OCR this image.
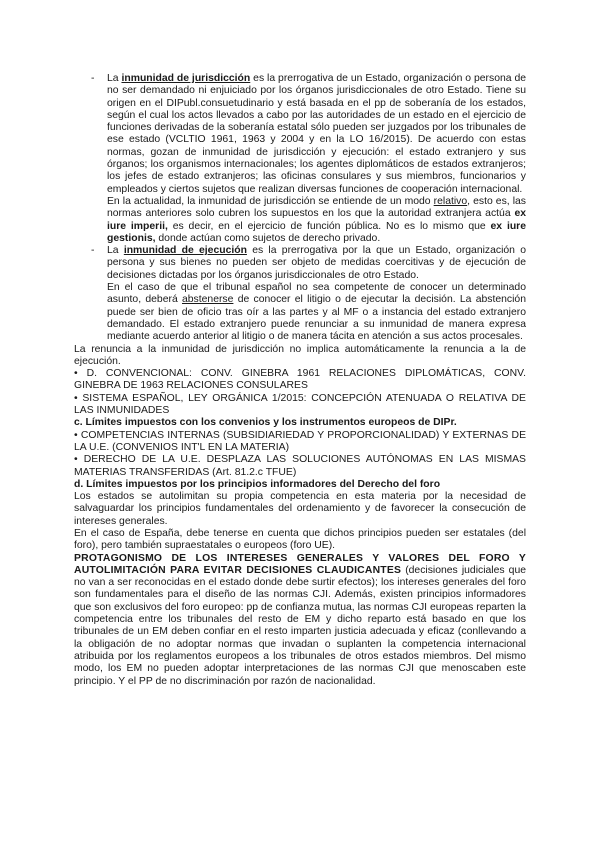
- La inmunidad de jurisdicción es la prerrogativa de un Estado, organización o persona de no ser demandado ni enjuiciado por los órganos jurisdiccionales de otro Estado. Tiene su origen en el DIPubl.consuetudinario y está basada en el pp de soberanía de los estados, según el cual los actos llevados a cabo por las autoridades de un estado en el ejercicio de funciones derivadas de la soberanía estatal sólo pueden ser juzgados por los tribunales de ese estado (VCLTIO 1961, 1963 y 2004 y en la LO 16/2015). De acuerdo con estas normas, gozan de inmunidad de jurisdicción y ejecución: el estado extranjero y sus órganos; los organismos internacionales; los agentes diplomáticos de estados extranjeros; los jefes de estado extranjeros; las oficinas consulares y sus miembros, funcionarios y empleados y ciertos sujetos que realizan diversas funciones de cooperación internacional.

En la actualidad, la inmunidad de jurisdicción se entiende de un modo relativo, esto es, las normas anteriores solo cubren los supuestos en los que la autoridad extranjera actúa ex iure imperii, es decir, en el ejercicio de función pública. No es lo mismo que ex iure gestionis, donde actúan como sujetos de derecho privado.

- La inmunidad de ejecución es la prerrogativa por la que un Estado, organización o persona y sus bienes no pueden ser objeto de medidas coercitivas y de ejecución de decisiones dictadas por los órganos jurisdiccionales de otro Estado.

En el caso de que el tribunal español no sea competente de conocer un determinado asunto, deberá abstenerse de conocer el litigio o de ejecutar la decisión. La abstención puede ser bien de oficio tras oír a las partes y al MF o a instancia del estado extranjero demandado. El estado extranjero puede renunciar a su inmunidad de manera expresa mediante acuerdo anterior al litigio o de manera tácita en atención a sus actos procesales.

La renuncia a la inmunidad de jurisdicción no implica automáticamente la renuncia a la de ejecución.

• D. CONVENCIONAL: CONV. GINEBRA 1961 RELACIONES DIPLOMÁTICAS, CONV. GINEBRA DE 1963 RELACIONES CONSULARES

• SISTEMA ESPAÑOL, LEY ORGÁNICA 1/2015: CONCEPCIÓN ATENUADA O RELATIVA DE LAS INMUNIDADES

c. Límites impuestos con los convenios y los instrumentos europeos de DIPr.

• COMPETENCIAS INTERNAS (SUBSIDIARIEDAD Y PROPORCIONALIDAD) Y EXTERNAS DE LA U.E. (CONVENIOS INT'L EN LA MATERIA)

• DERECHO DE LA U.E. DESPLAZA LAS SOLUCIONES AUTÓNOMAS EN LAS MISMAS MATERIAS TRANSFERIDAS (Art. 81.2.c TFUE)

d. Límites impuestos por los principios informadores del Derecho del foro

Los estados se autolimitan su propia competencia en esta materia por la necesidad de salvaguardar los principios fundamentales del ordenamiento y de favorecer la consecución de intereses generales.

En el caso de España, debe tenerse en cuenta que dichos principios pueden ser estatales (del foro), pero también supraestatales o europeos (foro UE).

PROTAGONISMO DE LOS INTERESES GENERALES Y VALORES DEL FORO Y AUTOLIMITACIÓN PARA EVITAR DECISIONES CLAUDICANTES (decisiones judiciales que no van a ser reconocidas en el estado donde debe surtir efectos); los intereses generales del foro son fundamentales para el diseño de las normas CJI. Además, existen principios informadores que son exclusivos del foro europeo: pp de confianza mutua, las normas CJI europeas reparten la competencia entre los tribunales del resto de EM y dicho reparto está basado en que los tribunales de un EM deben confiar en el resto imparten justicia adecuada y eficaz (conllevando a la obligación de no adoptar normas que invadan o suplanten la competencia internacional atribuida por los reglamentos europeos a los tribunales de otros estados miembros. Del mismo modo, los EM no pueden adoptar interpretaciones de las normas CJI que menoscaben este principio. Y el PP de no discriminación por razón de nacionalidad.
